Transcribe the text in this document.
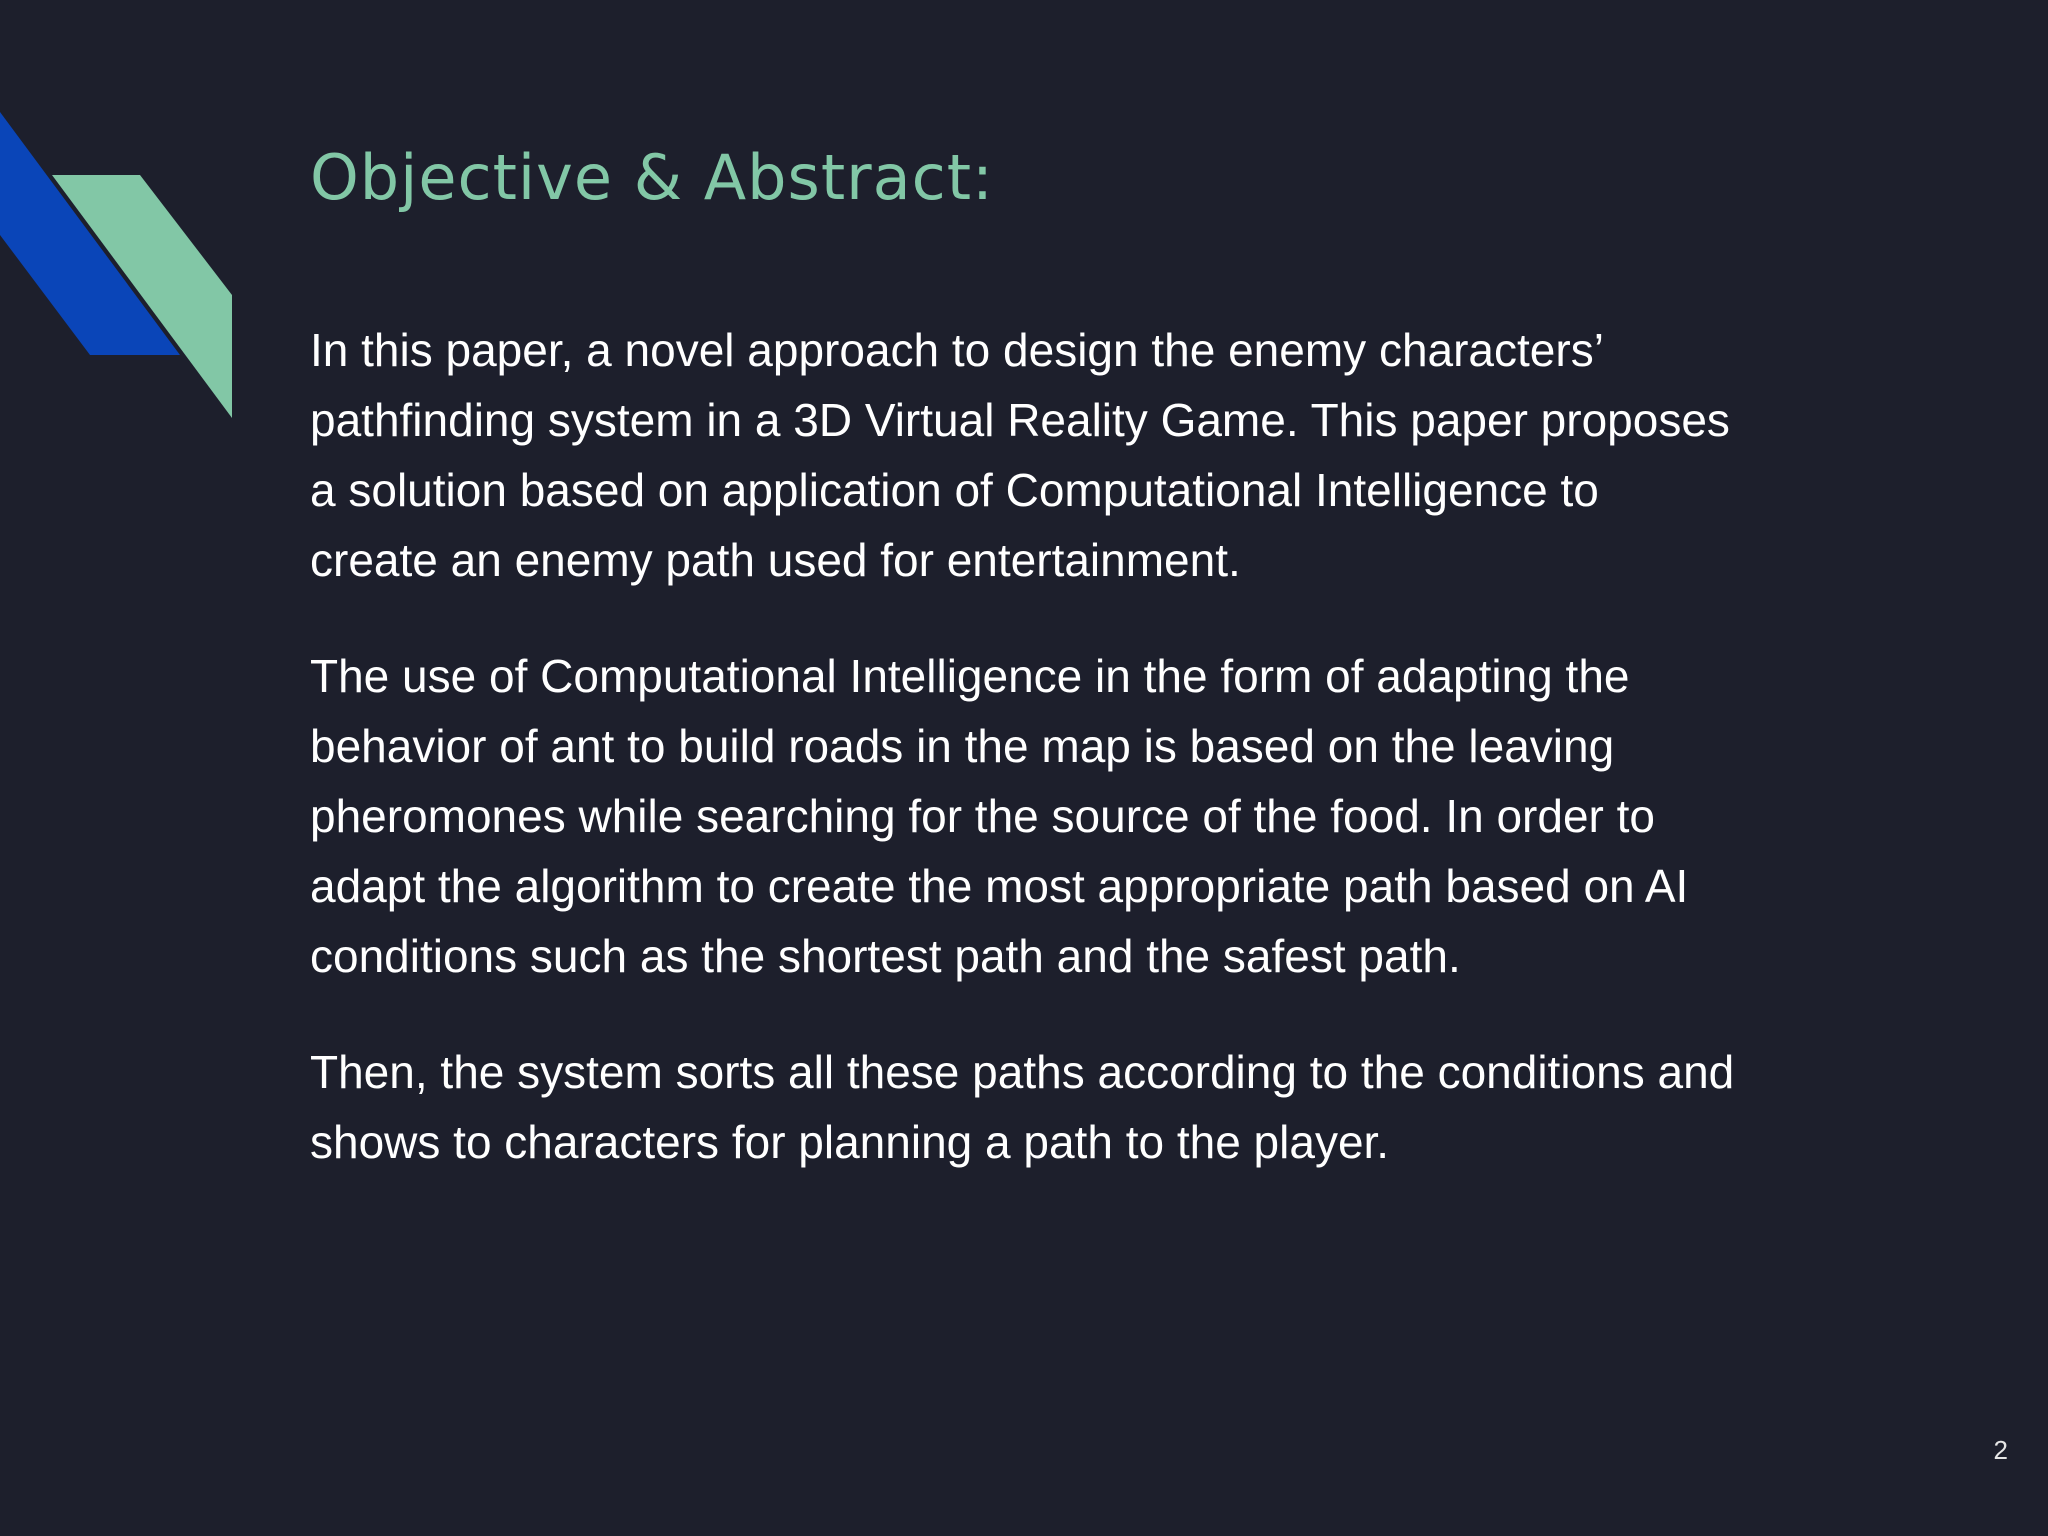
Objective & Abstract:

In this paper, a novel approach to design the enemy characters’
pathfinding system in a 3D Virtual Reality Game. This paper proposes
a solution based on application of Computational Intelligence to
create an enemy path used for entertainment.

The use of Computational Intelligence in the form of adapting the
behavior of ant to build roads in the map is based on the leaving
pheromones while searching for the source of the food. In order to
adapt the algorithm to create the most appropriate path based on AI
conditions such as the shortest path and the safest path.

Then, the system sorts all these paths according to the conditions and
shows to characters for planning a path to the player.

2
